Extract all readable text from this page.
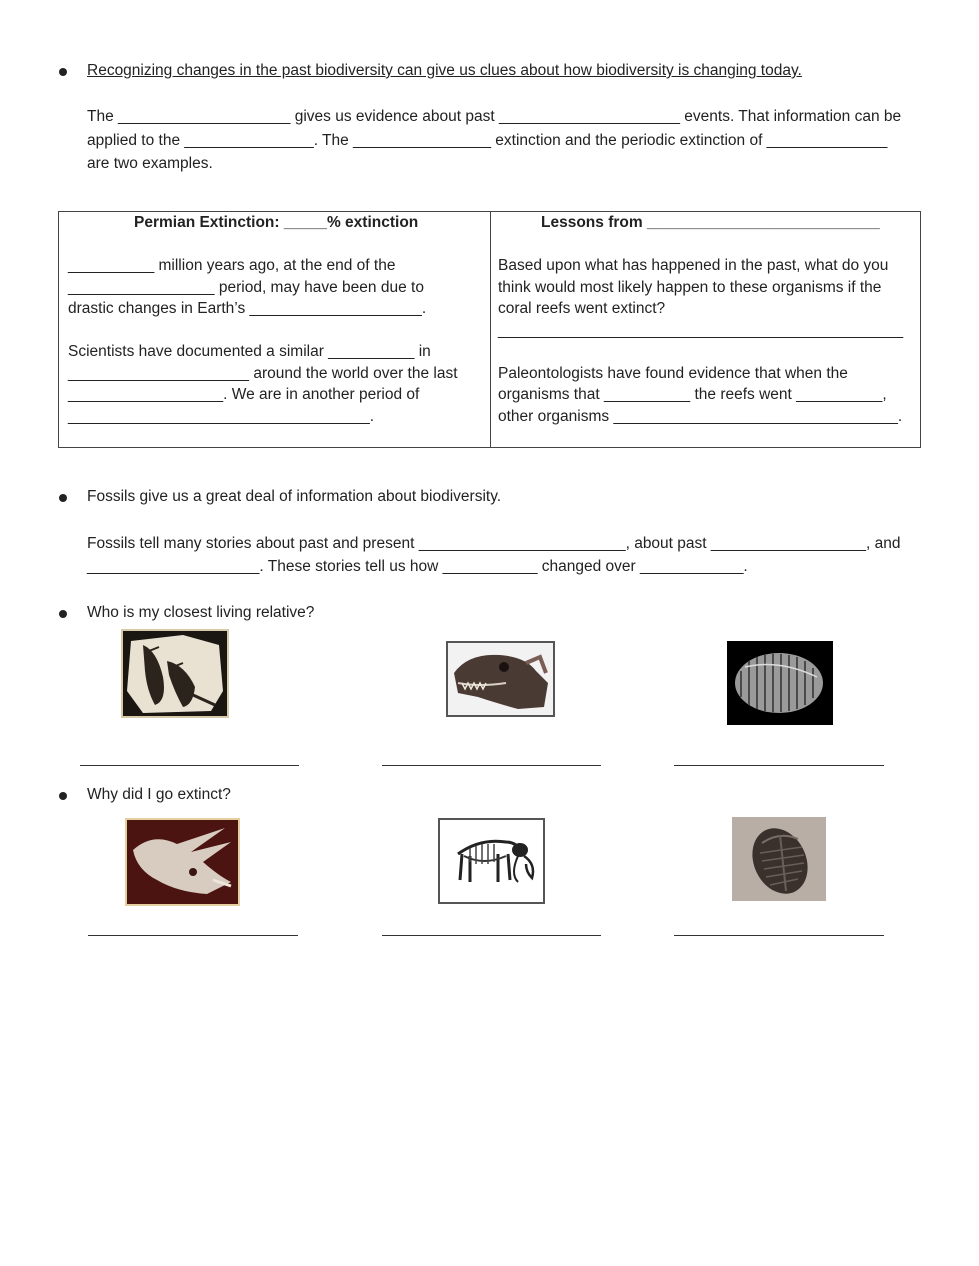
Recognizing changes in the past biodiversity can give us clues about how biodiversity is changing today.
The ____________________ gives us evidence about past _____________________ events. That information can be
applied to the _______________. The ________________ extinction and the periodic extinction of ______________
are two examples.
Permian Extinction: _____% extinction
__________ million years ago, at the end of the
_________________ period, may have been due to
drastic changes in Earth’s ____________________.
Scientists have documented a similar __________ in
_____________________ around the world over the last
__________________. We are in another period of
___________________________________.
Lessons from ___________________________
Based upon what has happened in the past, what do you
think would most likely happen to these organisms if the
coral reefs went extinct?
_______________________________________________
Paleontologists have found evidence that when the
organisms that __________ the reefs went __________,
other organisms _________________________________.
Fossils give us a great deal of information about biodiversity.
Fossils tell many stories about past and present ________________________, about past __________________, and
____________________. These stories tell us how ___________ changed over ____________.
Who is my closest living relative?
Why did I go extinct?
